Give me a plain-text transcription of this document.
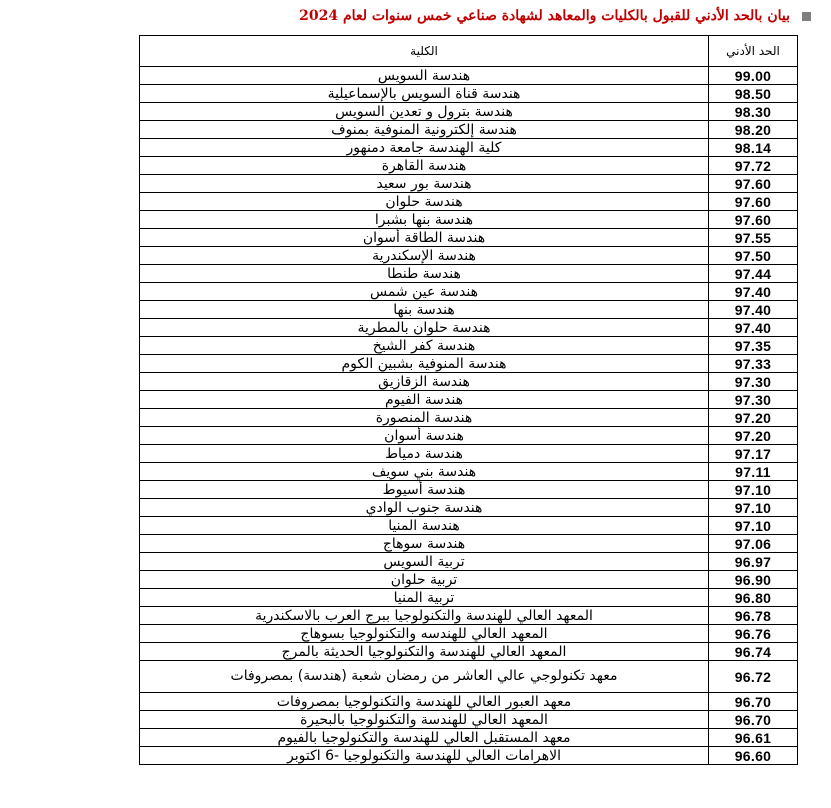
بيان بالحد الأدني للقبول بالكليات والمعاهد لشهادة صناعي خمس سنوات لعام 2024
الحد الأدني	الكلية
99.00	هندسة السويس
98.50	هندسة قناة السويس بالإسماعيلية
98.30	هندسة بترول و تعدين السويس
98.20	هندسة إلكترونية المنوفية بمنوف
98.14	كلية الهندسة جامعة دمنهور
97.72	هندسة القاهرة
97.60	هندسة بور سعيد
97.60	هندسة حلوان
97.60	هندسة بنها بشبرا
97.55	هندسة الطاقة أسوان
97.50	هندسة الإسكندرية
97.44	هندسة طنطا
97.40	هندسة عين شمس
97.40	هندسة بنها
97.40	هندسة حلوان بالمطرية
97.35	هندسة كفر الشيخ
97.33	هندسة المنوفية بشبين الكوم
97.30	هندسة الزقازيق
97.30	هندسة الفيوم
97.20	هندسة المنصورة
97.20	هندسة أسوان
97.17	هندسة دمياط
97.11	هندسة بني سويف
97.10	هندسة أسيوط
97.10	هندسة جنوب الوادي
97.10	هندسة المنيا
97.06	هندسة سوهاج
96.97	تربية السويس
96.90	تربية حلوان
96.80	تربية المنيا
96.78	المعهد العالي للهندسة والتكنولوجيا ببرج العرب بالاسكندرية
96.76	المعهد العالي للهندسه والتكنولوجيا بسوهاج
96.74	المعهد العالي للهندسة والتكنولوجيا الحديثة بالمرج
96.72	معهد تكنولوجي عالي العاشر من رمضان شعبة (هندسة) بمصروفات
96.70	معهد العبور العالي للهندسة والتكنولوجيا بمصروفات
96.70	المعهد العالي للهندسة والتكنولوجيا بالبحيرة
96.61	معهد المستقبل العالي للهندسة والتكنولوجيا بالفيوم
96.60	الاهرامات العالي للهندسة والتكنولوجيا -6 اكتوبر
